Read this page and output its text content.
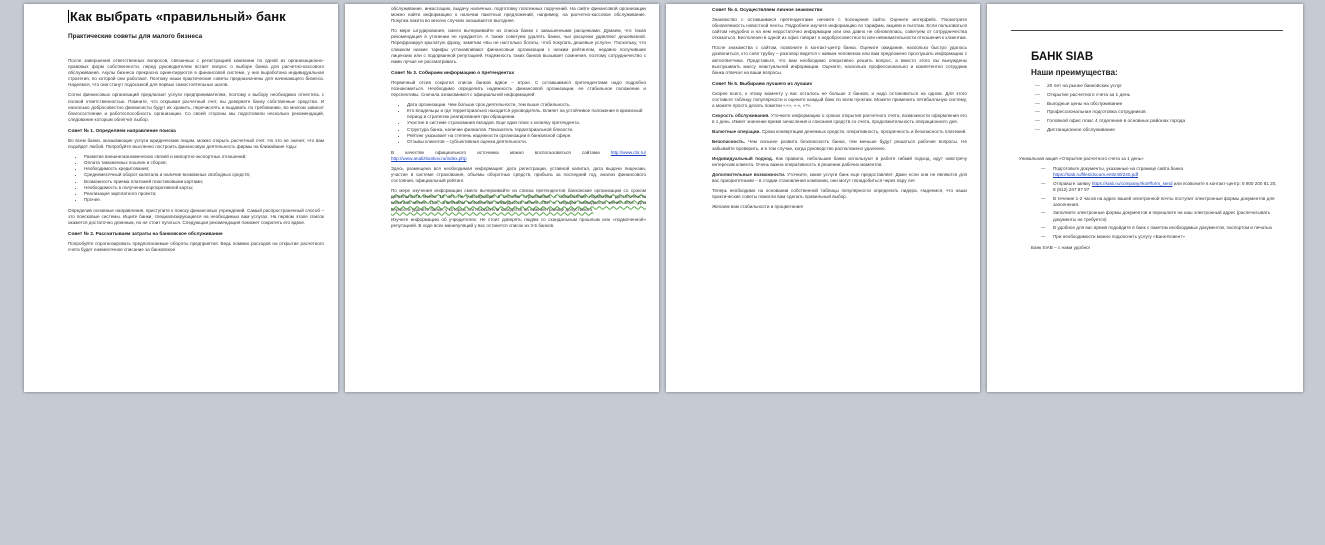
Как выбрать «правильный» банк
Практические советы для малого бизнеса

После завершения ответственных вопросов, связанных с регистрацией компании по одной из организационно-правовых форм собственности, перед руководителем встает вопрос о выборе банка для расчетно-кассового обслуживания. Акулы бизнеса прекрасно ориентируются в финансовой системе, у них выработана индивидуальная стратегия, по которой они работают. Поэтому наши практические советы предназначены для начинающего бизнеса. Надеемся, что они станут подсказкой для первых самостоятельных шагов.

Сотни финансовых организаций предлагают услуги предпринимателям, поэтому к выбору необходимо отнестись с полной ответственностью. Помните, что открывая расчетный счет, вы доверяете банку собственные средства. И насколько добросовестно финансисты будут их хранить, перечислять и выдавать по требованию, во многом зависит благосостояние и работоспособность организации. Со своей стороны мы подготовили несколько рекомендаций, следование которым облегчит выбор.

Совет № 1. Определяем направление поиска

Во всем банки, оказывающие услуги юридическим лицам, можно открыть расчетный счет. Но это не значит, что вам подойдет любой. Попробуйте мысленно построить финансовую деятельность фирмы на ближайшие годы:

• Развитие внешнеэкономических связей и импортно-экспортных отношений;
• Оплата таможенных пошлин и сборов;
• Необходимость кредитования;
• Среднемесячный оборот капитала и наличие возможных свободных средств;
• Возможность приема платежей пластиковыми картами;
• Необходимость в получении корпоративной карты;
• Реализация зарплатного проекта;
• Прочее.

Определив основные направления, приступите к поиску финансовых учреждений. Самый распространенный способ – это поисковые системы. Ищите банки, специализирующиеся на необходимых вам услугах. На первом этапе список окажется достаточно длинным, но не стоит пугаться. Следующая рекомендация поможет сократить его вдвое.

Совет № 2. Рассчитываем затраты на банковское обслуживание

Попробуйте спрогнозировать предполагаемые обороты предприятия. Ведь помимо расходов на открытие расчетного счета будет ежемесячное списание за банковское

обслуживание, инкассацию, выдачу наличных, подготовку платежных поручений. На сайте финансовой организации можно найти информацию о наличии пакетных предложений, например, на расчетно-кассовое обслуживание. Покупка пакета во многих случаях оказывается выгоднее.

По мере штудирования, смело вычеркивайте из списка банки с завышенными расценками. Думаем, что такая рекомендация в утонении не нуждается. А также советуем удалять банки, чьи расценки удивляют дешевизной. Перефразируя крылатую фразу, заметим «Бы не настолько богаты, чтоб покупать дешевые услуги». Поскольку, что слишком низкие тарифы устанавливают финансовые организации с низким рейтингом, недавно получившие лицензию или с подорванной репутацией. Надежность таких банков вызывает сомнения, поэтому сотрудничество с ними лучше не рассматривать.

Совет № 3. Собираем информацию о претендентах

Первичный отсев сократил список банков вдвое – втрое. С оставшимися претендентами надо подробно познакомиться. Необходимо определить надежность финансовой организации, ее стабильное положение и перспективы. Сначала ознакомимся с официальной информацией:

• Дата организации. Чем больше срок деятельности, тем выше стабильность.
• Кто владельцы и где территориально находится руководитель. Влияет на устойчивое положение в кризисный период и стратегию реагирования при обращении.
• Участие в системе страхования вкладов. Еще один плюс к копилку претендента.
• Структура банка, наличие филиалов. Показатель территориальной близости.
• Рейтинг указывает на степень надежности организации в банковской сфере.
• Отзывы клиентов – субъективная оценка деятельности.

В качестве официального источника можно воспользоваться сайтами http://www.cbr.ru/ http://www.analizbankov.ru/index.php

Здесь размещена вся необходимая информация: дата регистрации, уставной капитал, дата выдачи лицензии, участие в системе страхования, объемы оборотных средств, прибыль за последний год, анализ финансового состояния, официальный рейтинг.

По мере изучения информации смело вычеркивайте из списка претендентов банковские организации со сроком деятельности менее 10 лет, не участвующие в системе страхования, с показателем норматива достаточности капитала менее 11%, значением мгновенной ликвидности менее 20% и текущей ликвидности менее 50%. Для верности удалите банки, у которых эти показатели находятся на нижней границе допустимого.

Изучите информацию об учредителях. Не стоит доверять людям со скандальным прошлым или «подмоченной» репутацией. В ходе всех манипуляций у вас останется список из 3-5 банков.

Совет № 4. Осуществляем личное знакомство

Знакомство с оставшимися претендентами начните с посещения сайта. Оцените интерфейс. Посмотрите обновляемость новостной ленты. Подробнее изучите информацию по тарифам, акциям и льготам. Если пользоваться сайтом неудобно и на нем недостаточно информации или она давно не обновлялась, советуем от сотрудничества отказаться. Бесполезен в одной из офис говорит о недобросовестности или невнимательности отношения к клиентам.

После знакомства с сайтом, позвоните в контакт-центр банка. Оцените ожидание, насколько быстро удалось дозвониться, кто снял трубку – разговор ведется с живым человеком или вам предложено прослушать информацию с автоответчика. Представьте, что вам необходимо оперативно решить вопрос, а вместо этого вы вынуждены выслушивать массу неактуальной информации. Оцените, насколько профессионально и компетентно сотрудник банка отвечал на ваши вопросы.

Совет № 5. Выбираем лучшего из лучших

Скорее всего, к этому моменту у вас осталось не больше 3 банков, и надо остановиться на одном. Для этого составьте таблицу популярности и оцените каждый банк по всем пунктам. Можете применить пятибалльную систему, а можете просто делать пометки «+», «-», «?».

Скорость обслуживания. Уточните информацию о сроках открытия расчетного счета, возможности оформления его в 1 день. Имеет значение время зачисления и списания средств со счета, продолжительность операционного дня.

Валютные операции. Сроки конвертации денежных средств, оперативность, прозрачность и безопасность платежей.

Безопасность. Чем сильнее развита безопасность банка, тем меньше будут решаться рабочие вопросы. Не забывайте проверить, и в том случае, когда руководство расположено удаленно.

Индивидуальный подход. Как правило, небольшие банки используют в работе гибкий подход, идут навстречу интересам клиента. Очень важна оперативность в решении рабочих моментов.

Дополнительные возможности. Уточните, какие услуги банк еще предоставляет. Даже если они не являются для вас приоритетными – в стадии становления компании, они могут понадобиться через пару лет.

Теперь необходимо на основании собственной таблицы популярности определить лидера. Надеемся, что наши практические советы помогли вам сделать правильный выбор.

Желаем вам стабильности и процветания!

БАНК SIAB
Наши преимущества:
— 20 лет на рынке банковских услуг
— Открытие расчетного счета за 1 день
— Выгодные цены на обслуживание
— Профессиональная подготовка сотрудников
— Головной офис плюс 4 отделения в основных районах города
— Дистанционное обслуживание

Уникальная акция «Открытие расчетного счета за 1 день»

— Подготовьте документы, указанные на странице сайта банка
https://siab.ru/files/docum.ents/40/240.pdf
— Отправьте заявку https://siab.ru/company/rko/#form_send или позвоните в контакт-центр: 8 800 200 81 20,
8 (812) 247 87 97
— В течение 1-2 часов на адрес вашей электронной почты поступит электронные формы документов для заполнения.
— Заполните электронные формы документов и перешлите на наш электронный адрес (распечатывать документы не требуется)
— В удобное для вас время подойдите в банк с пакетом необходимых документов, паспортом и печатью
— При необходимости можно подключить услугу «Банк-Клиент»

Банк SIAB – с нами удобно!
